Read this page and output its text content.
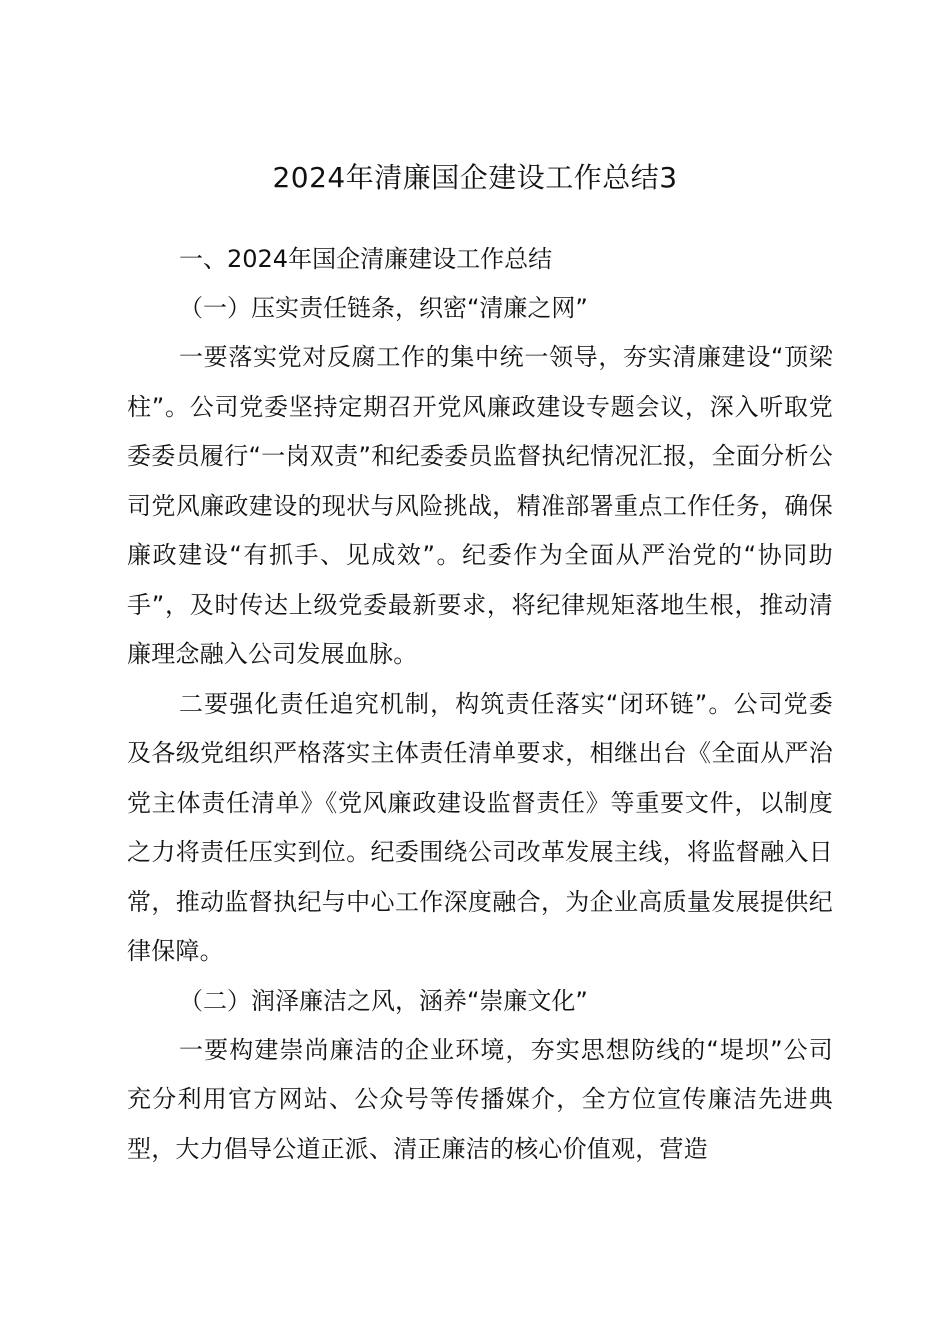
2024年清廉国企建设工作总结3
一、2024年国企清廉建设工作总结
（一）压实责任链条，织密“清廉之网”

一要落实党对反腐工作的集中统一领导，夯实清廉建设“顶梁柱”。公司党委坚持定期召开党风廉政建设专题会议，深入听取党委委员履行“一岗双责”和纪委委员监督执纪情况汇报，全面分析公司党风廉政建设的现状与风险挑战，精准部署重点工作任务，确保廉政建设“有抓手、见成效”。纪委作为全面从严治党的“协同助手”，及时传达上级党委最新要求，将纪律规矩落地生根，推动清廉理念融入公司发展血脉。

二要强化责任追究机制，构筑责任落实“闭环链”。公司党委及各级党组织严格落实主体责任清单要求，相继出台《全面从严治党主体责任清单》《党风廉政建设监督责任》等重要文件，以制度之力将责任压实到位。纪委围绕公司改革发展主线，将监督融入日常，推动监督执纪与中心工作深度融合，为企业高质量发展提供纪律保障。

（二）润泽廉洁之风，涵养“崇廉文化”

一要构建崇尚廉洁的企业环境，夯实思想防线的“堤坝”公司充分利用官方网站、公众号等传播媒介，全方位宣传廉洁先进典型，大力倡导公道正派、清正廉洁的核心价值观，营造
